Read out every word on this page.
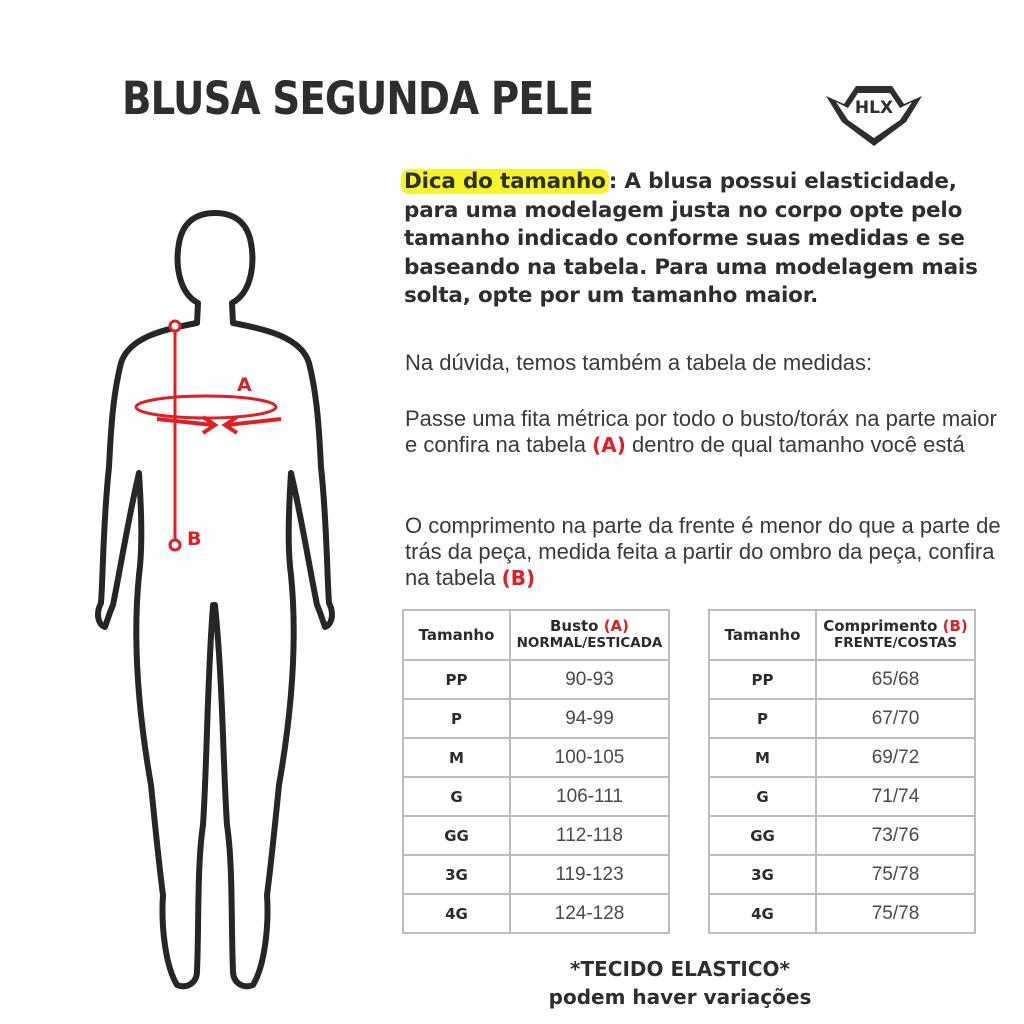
BLUSA SEGUNDA PELE	HLX
A
B
Dica do tamanho : A blusa possui elasticidade, para uma modelagem justa no corpo opte pelo tamanho indicado conforme suas medidas e se baseando na tabela. Para uma modelagem mais solta, opte por um tamanho maior.
Na dúvida, temos também a tabela de medidas:
Passe uma fita métrica por todo o busto/toráx na parte maior e confira na tabela (A) dentro de qual tamanho você está
O comprimento na parte da frente é menor do que a parte de trás da peça, medida feita a partir do ombro da peça, confira na tabela (B)
Tamanho	Busto (A)
NORMAL/ESTICADA

PP	90-93
P	94-99
M	100-105
G	106-111
GG	112-118
3G	119-123
4G	124-128
Tamanho	Comprimento (B)
FRENTE/COSTAS

PP	65/68
P	67/70
M	69/72
G	71/74
GG	73/76
3G	75/78
4G	75/78
*TECIDO ELASTICO*
podem haver variações
